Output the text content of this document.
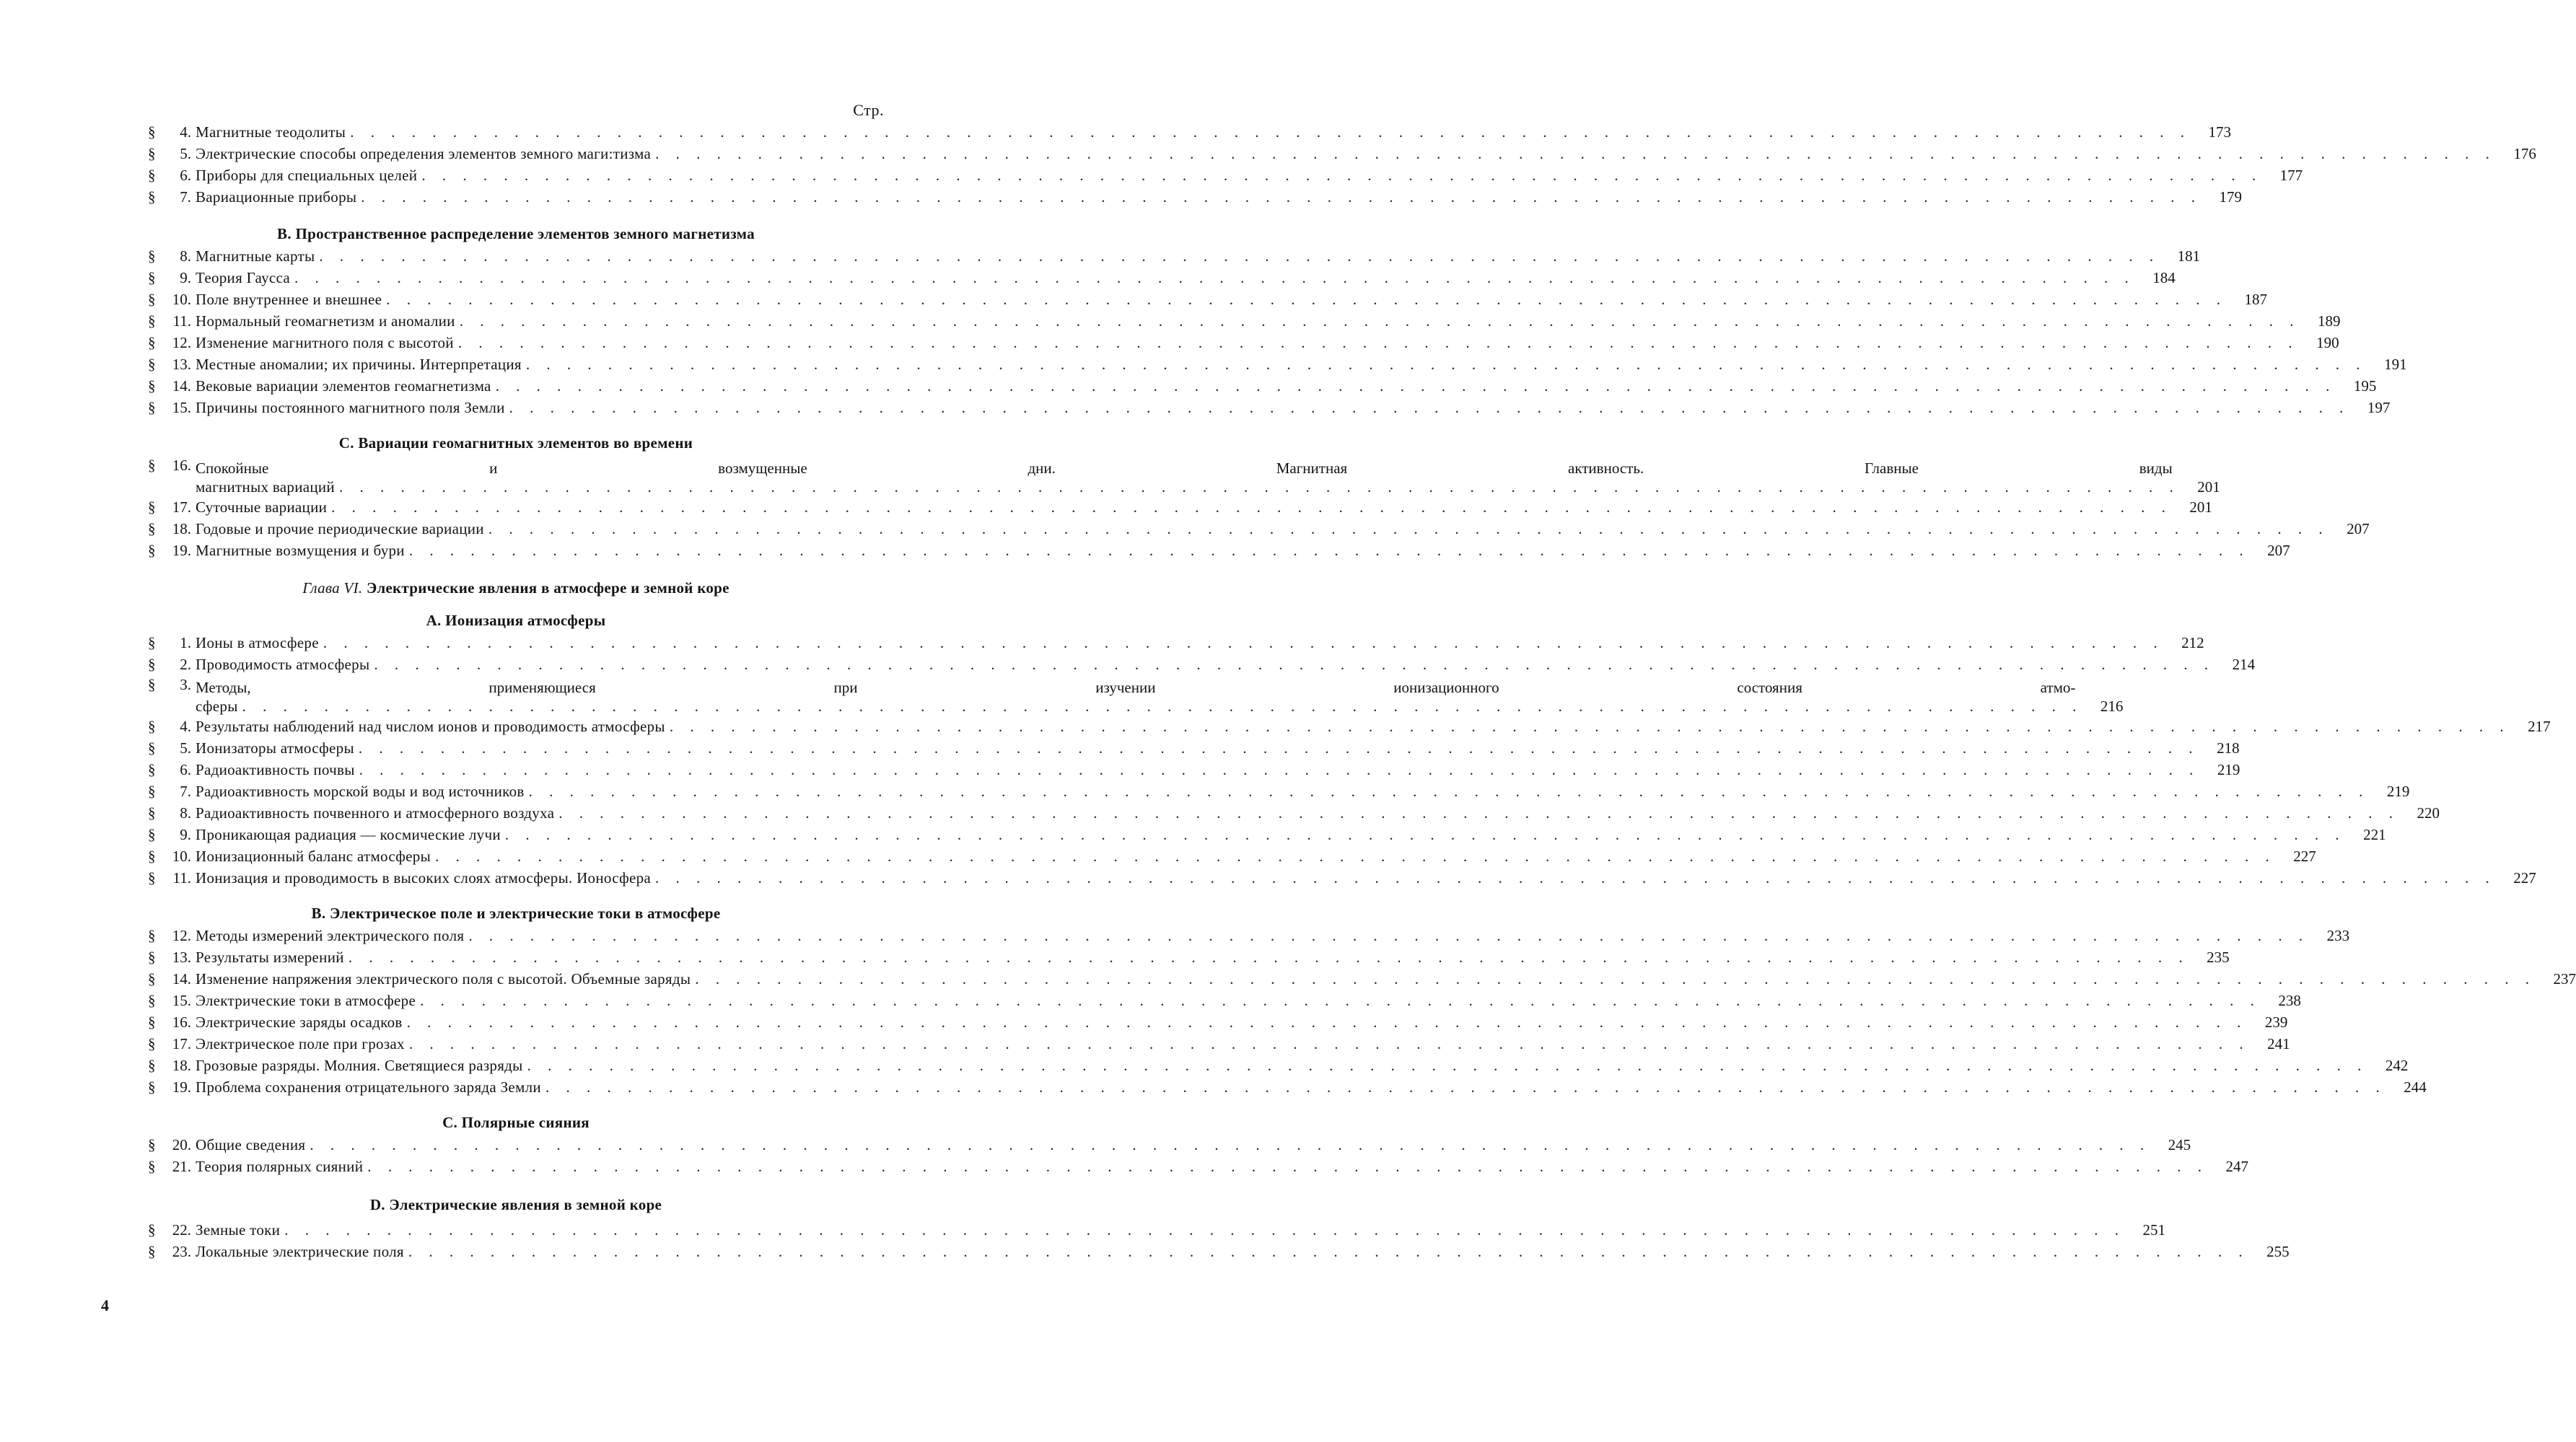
Стр.
§	4. Магнитные теодолиты . . .	173
§	5. Электрические способы определения элементов земного маги:тизма . . .	176
§	6. Приборы для специальных целей . . .	177
§	7. Вариационные приборы . . .	179
В. Пространственное распределение элементов земного магнетизма
§	8. Магнитные карты . . .	181
§	9. Теория Гаусса . . .	184
§	10. Поле внутреннее и внешнее . . .	187
§	11. Нормальный геомагнетизм и аномалии . . .	189
§	12. Изменение магнитного поля с высотой . . .	190
§	13. Местные аномалии; их причины. Интерпретация . . .	191
§	14. Вековые вариации элементов геомагнетизма . . .	195
§	15. Причины постоянного магнитного поля Земли . . .	197
С. Вариации геомагнитных элементов во времени
§	16. Спокойные и возмущенные дни. Магнитная активность. Главные виды
магнитных вариаций . . .	201
§	17. Суточные вариации . . .	201
§	18. Годовые и прочие периодические вариации . . .	207
§	19. Магнитные возмущения и бури . . .	207
Глава VI. Электрические явления в атмосфере и земной коре
А. Ионизация атмосферы
§	1. Ионы в атмосфере . . .	212
§	2. Проводимость атмосферы . . .	214
§	3. Методы, применяющиеся при изучении ионизационного состояния атмо-
сферы . . .	216
§	4. Результаты наблюдений над числом ионов и проводимость атмосферы . . .	217
§	5. Ионизаторы атмосферы . . .	218
§	6. Радиоактивность почвы . . .	219
§	7. Радиоактивность морской воды и вод источников . . .	219
§	8. Радиоактивность почвенного и атмосферного воздуха . . .	220
§	9. Проникающая радиация — космические лучи . . .	221
§	10. Ионизационный баланс атмосферы . . .	227
§	11. Ионизация и проводимость в высоких слоях атмосферы. Ионосфера . . .	227
В. Электрическое поле и электрические токи в атмосфере
§	12. Методы измерений электрического поля . . .	233
§	13. Результаты измерений . . .	235
§	14. Изменение напряжения электрического поля с высотой. Объемные заряды . . .	237
§	15. Электрические токи в атмосфере . . .	238
§	16. Электрические заряды осадков . . .	239
§	17. Электрическое поле при грозах . . .	241
§	18. Грозовые разряды. Молния. Светящиеся разряды . . .	242
§	19. Проблема сохранения отрицательного заряда Земли . . .	244
С. Полярные сияния
§	20. Общие сведения . . .	245
§	21. Теория полярных сияний . . .	247
D. Электрические явления в земной коре
§	22. Земные токи . . .	251
§	23. Локальные электрические поля . . .	255
4
